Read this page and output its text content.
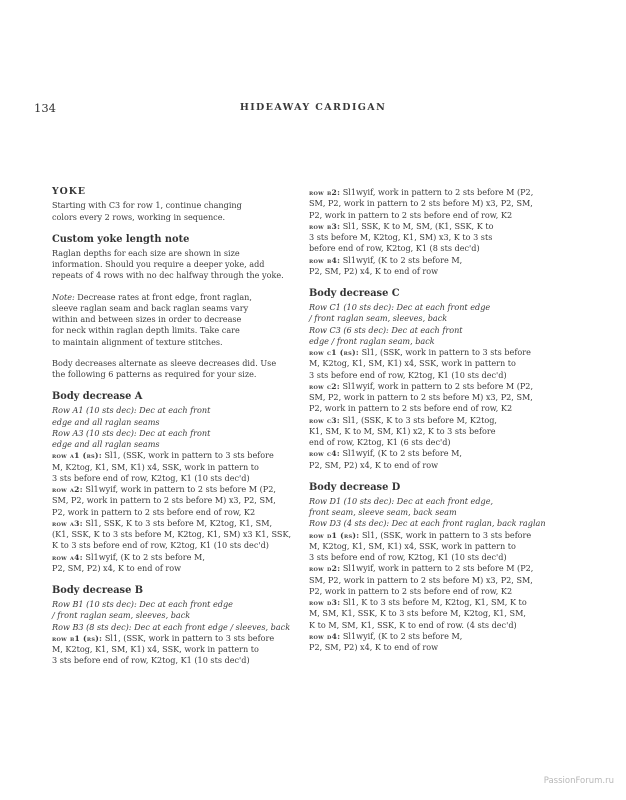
134	HIDEAWAY CARDIGAN
YOKE

Starting with C3 for row 1, continue changing
colors every 2 rows, working in sequence.

Custom yoke length note

Raglan depths for each size are shown in size
information. Should you require a deeper yoke, add
repeats of 4 rows with no dec halfway through the yoke.

Note: Decrease rates at front edge, front raglan,
sleeve raglan seam and back raglan seams vary
within and between sizes in order to decrease
for neck within raglan depth limits. Take care
to maintain alignment of texture stitches.

Body decreases alternate as sleeve decreases did. Use
the following 6 patterns as required for your size.

Body decrease A

Row A1 (10 sts dec): Dec at each front
edge and all raglan seams
Row A3 (10 sts dec): Dec at each front
edge and all raglan seams

row a1 (rs): Sl1, (SSK, work in pattern to 3 sts before
M, K2tog, K1, SM, K1) x4, SSK, work in pattern to
3 sts before end of row, K2tog, K1 (10 sts dec'd)

row a2: Sl1wyif, work in pattern to 2 sts before M (P2,
SM, P2, work in pattern to 2 sts before M) x3, P2, SM,
P2, work in pattern to 2 sts before end of row, K2

row a3: Sl1, SSK, K to 3 sts before M, K2tog, K1, SM,
(K1, SSK, K to 3 sts before M, K2tog, K1, SM) x3 K1, SSK,
K to 3 sts before end of row, K2tog, K1 (10 sts dec'd)

row a4: Sl1wyif, (K to 2 sts before M,
P2, SM, P2) x4, K to end of row

Body decrease B

Row B1 (10 sts dec): Dec at each front edge
/ front raglan seam, sleeves, back
Row B3 (8 sts dec): Dec at each front edge / sleeves, back

row b1 (rs): Sl1, (SSK, work in pattern to 3 sts before
M, K2tog, K1, SM, K1) x4, SSK, work in pattern to
3 sts before end of row, K2tog, K1 (10 sts dec'd)

row b2: Sl1wyif, work in pattern to 2 sts before M (P2,
SM, P2, work in pattern to 2 sts before M) x3, P2, SM,
P2, work in pattern to 2 sts before end of row, K2

row b3: Sl1, SSK, K to M, SM, (K1, SSK, K to
3 sts before M, K2tog, K1, SM) x3, K to 3 sts
before end of row, K2tog, K1 (8 sts dec'd)

row b4: Sl1wyif, (K to 2 sts before M,
P2, SM, P2) x4, K to end of row

Body decrease C

Row C1 (10 sts dec): Dec at each front edge
/ front raglan seam, sleeves, back
Row C3 (6 sts dec): Dec at each front
edge / front raglan seam, back

row c1 (rs): Sl1, (SSK, work in pattern to 3 sts before
M, K2tog, K1, SM, K1) x4, SSK, work in pattern to
3 sts before end of row, K2tog, K1 (10 sts dec'd)

row c2: Sl1wyif, work in pattern to 2 sts before M (P2,
SM, P2, work in pattern to 2 sts before M) x3, P2, SM,
P2, work in pattern to 2 sts before end of row, K2

row c3: Sl1, (SSK, K to 3 sts before M, K2tog,
K1, SM, K to M, SM, K1) x2, K to 3 sts before
end of row, K2tog, K1 (6 sts dec'd)

row c4: Sl1wyif, (K to 2 sts before M,
P2, SM, P2) x4, K to end of row

Body decrease D

Row D1 (10 sts dec): Dec at each front edge,
front seam, sleeve seam, back seam
Row D3 (4 sts dec): Dec at each front raglan, back raglan

row d1 (rs): Sl1, (SSK, work in pattern to 3 sts before
M, K2tog, K1, SM, K1) x4, SSK, work in pattern to
3 sts before end of row, K2tog, K1 (10 sts dec'd)

row d2: Sl1wyif, work in pattern to 2 sts before M (P2,
SM, P2, work in pattern to 2 sts before M) x3, P2, SM,
P2, work in pattern to 2 sts before end of row, K2

row d3: Sl1, K to 3 sts before M, K2tog, K1, SM, K to
M, SM, K1, SSK, K to 3 sts before M, K2tog, K1, SM,
K to M, SM, K1, SSK, K to end of row. (4 sts dec'd)

row d4: Sl1wyif, (K to 2 sts before M,
P2, SM, P2) x4, K to end of row

PassionForum.ru
